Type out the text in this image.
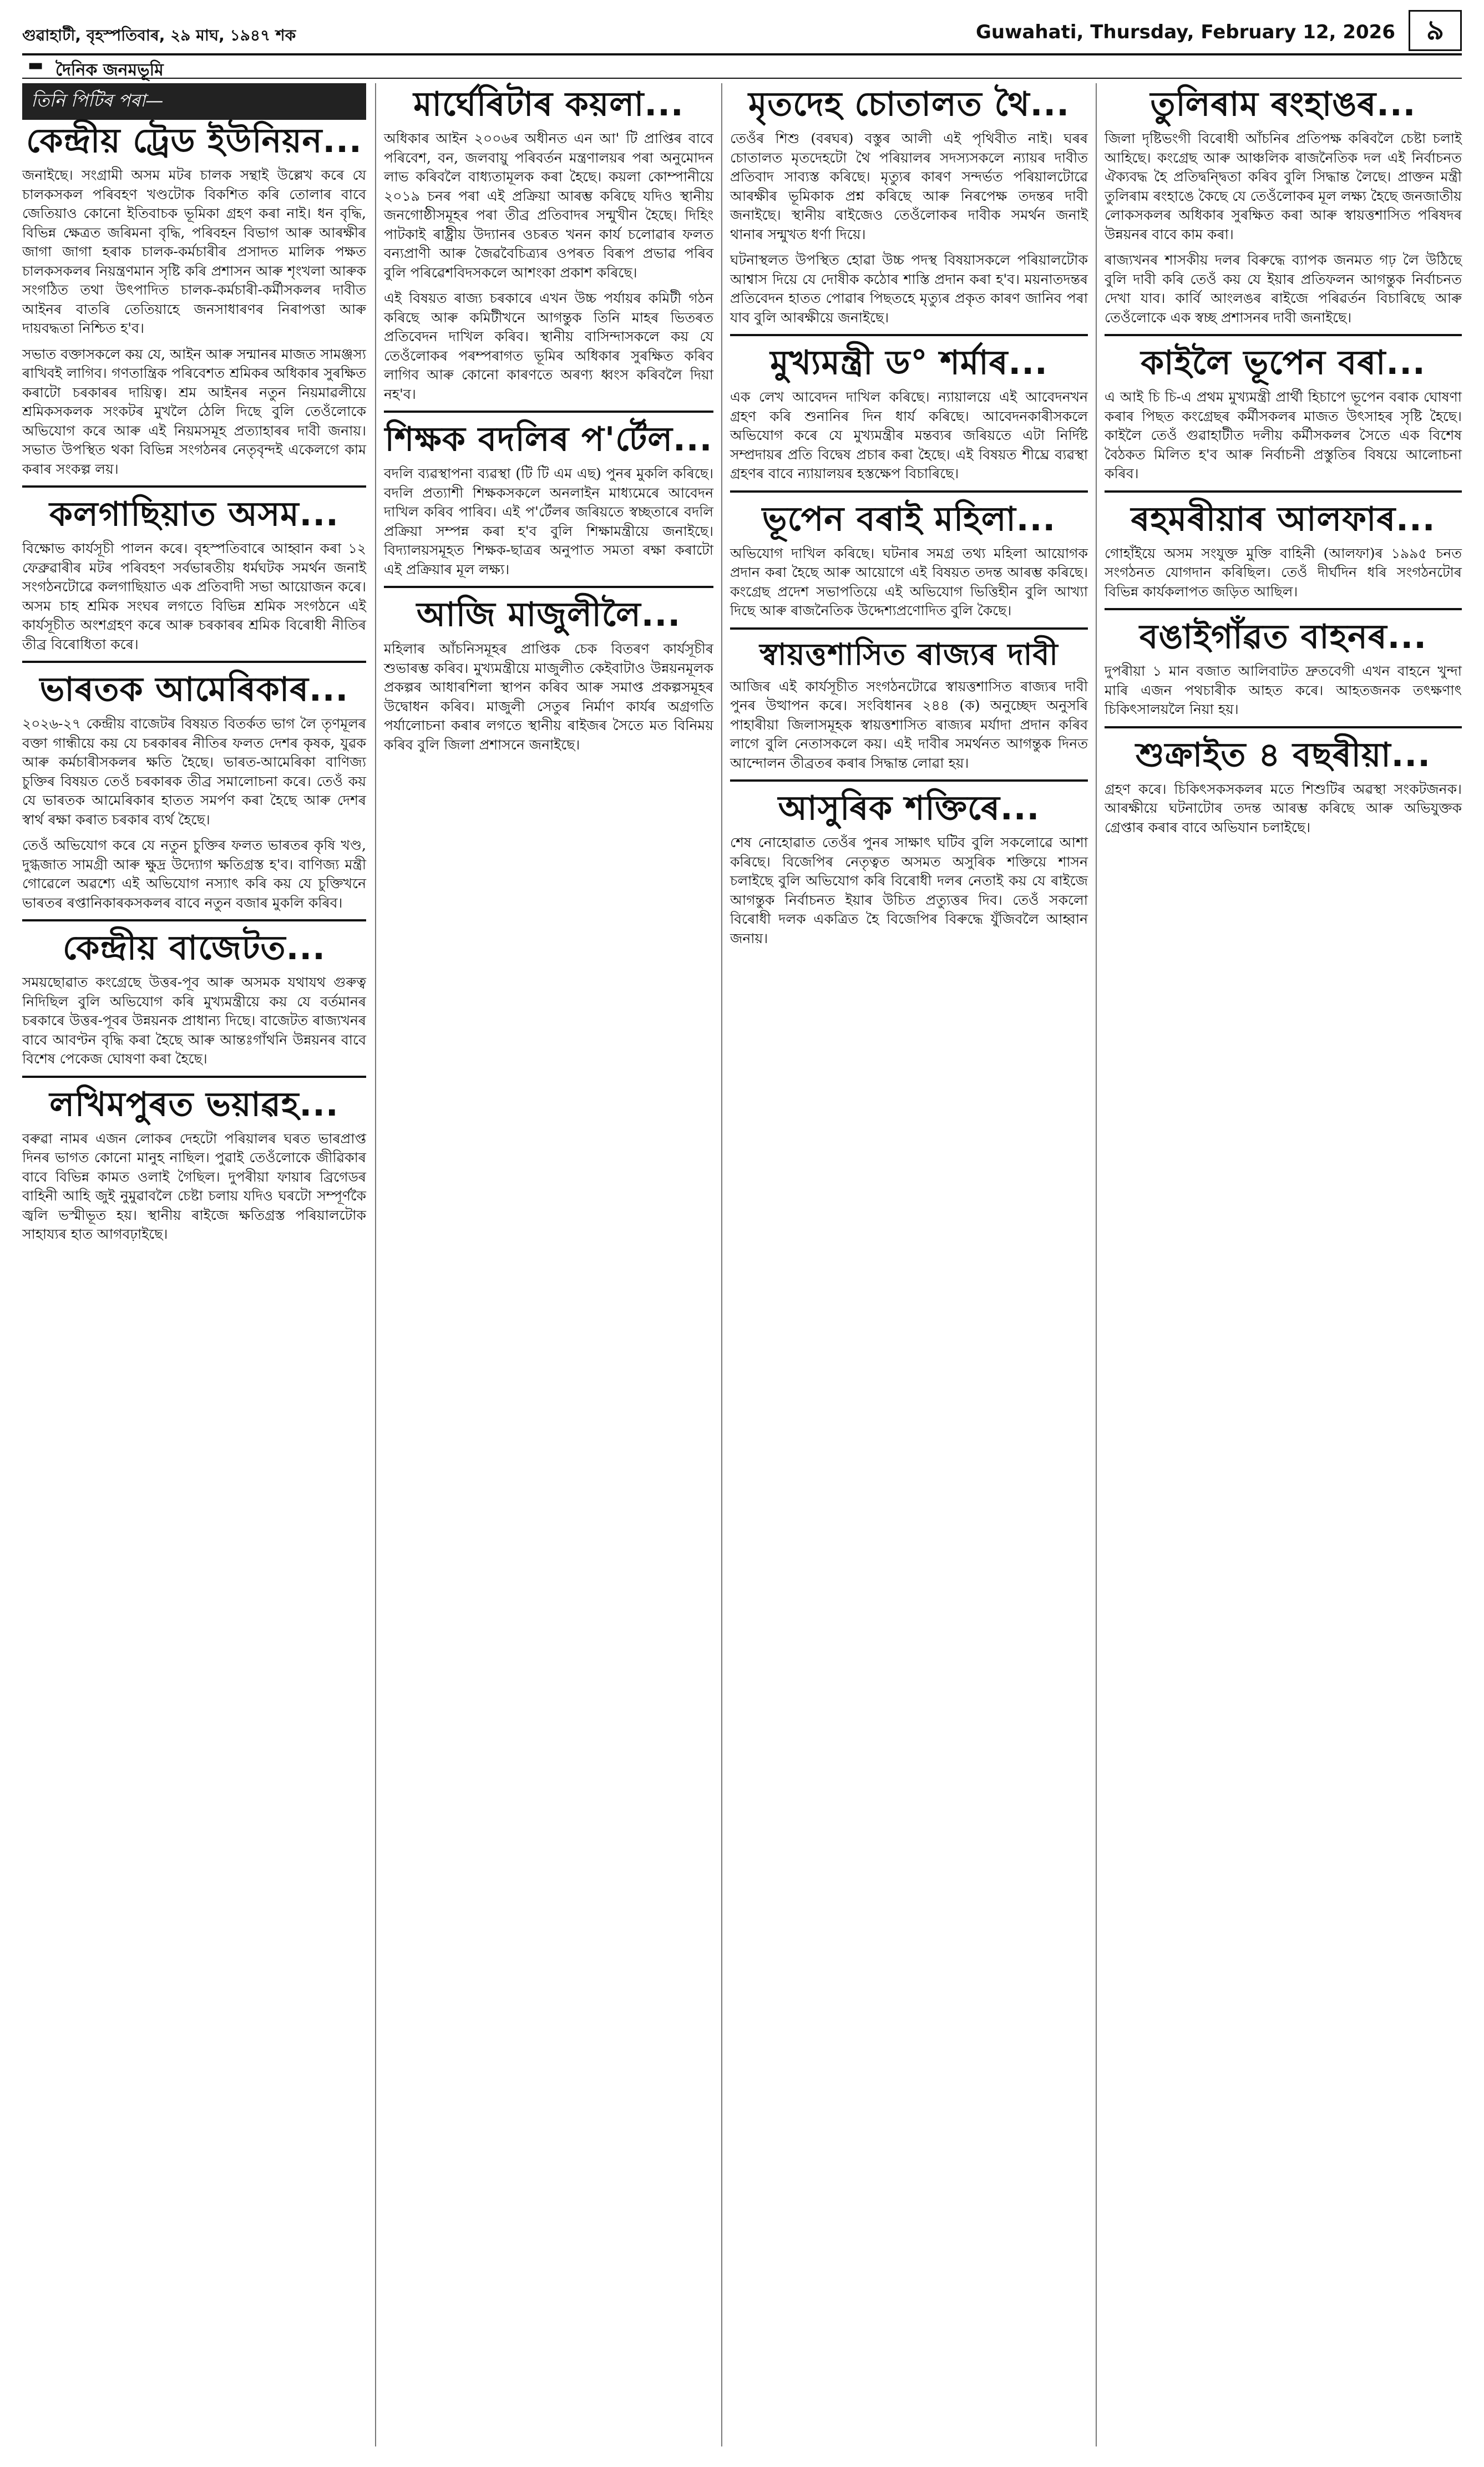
গুৱাহাটী, বৃহস্পতিবাৰ, ২৯ মাঘ, ১৯৪৭ শক	Guwahati, Thursday, February 12, 2026	৯
▬ দৈনিক জনমভূমি
তিনি পিটিৰ পৰা—
কেন্দ্ৰীয় ট্ৰেড ইউনিয়ন...

জনাইছে। সংগ্ৰামী অসম মটৰ চালক সন্থাই উল্লেখ কৰে যে চালকসকল পৰিবহণ খণ্ডটোক বিকশিত কৰি তোলাৰ বাবে জেতিয়াও কোনো ইতিবাচক ভূমিকা গ্ৰহণ কৰা নাই। ধন বৃদ্ধি, বিভিন্ন ক্ষেত্ৰত জৰিমনা বৃদ্ধি, পৰিবহন বিভাগ আৰু আৰক্ষীৰ জাগা জাগা হৰাক চালক-কৰ্মচাৰীৰ প্ৰসাদত মালিক পক্ষত চালকসকলৰ নিয়ন্ত্ৰণমান সৃষ্টি কৰি প্ৰশাসন আৰু শৃংখলা আৰুক সংগঠিত তথা উৎপাদিত চালক-কৰ্মচাৰী-কৰ্মীসকলৰ দাবীত আইনৰ বাতৰি তেতিয়াহে জনসাধাৰণৰ নিৰাপত্তা আৰু দায়বদ্ধতা নিশ্চিত হ'ব।

সভাত বক্তাসকলে কয় যে, আইন আৰু সন্মানৰ মাজত সামঞ্জস্য ৰাখিবই লাগিব। গণতান্ত্ৰিক পৰিবেশত শ্ৰমিকৰ অধিকাৰ সুৰক্ষিত কৰাটো চৰকাৰৰ দায়িত্ব। শ্ৰম আইনৰ নতুন নিয়মাৱলীয়ে শ্ৰমিকসকলক সংকটৰ মুখলৈ ঠেলি দিছে বুলি তেওঁলোকে অভিযোগ কৰে আৰু এই নিয়মসমূহ প্ৰত্যাহাৰৰ দাবী জনায়। সভাত উপস্থিত থকা বিভিন্ন সংগঠনৰ নেতৃবৃন্দই একেলগে কাম কৰাৰ সংকল্প লয়।

কলগাছিয়াত অসম...

বিক্ষোভ কাৰ্যসূচী পালন কৰে। বৃহস্পতিবাৰে আহ্বান কৰা ১২ ফেব্ৰুৱাৰীৰ মটৰ পৰিবহণ সৰ্বভাৰতীয় ধৰ্মঘটক সমৰ্থন জনাই সংগঠনটোৱে কলগাছিয়াত এক প্ৰতিবাদী সভা আয়োজন কৰে। অসম চাহ শ্ৰমিক সংঘৰ লগতে বিভিন্ন শ্ৰমিক সংগঠনে এই কাৰ্যসূচীত অংশগ্ৰহণ কৰে আৰু চৰকাৰৰ শ্ৰমিক বিৰোধী নীতিৰ তীব্ৰ বিৰোধিতা কৰে।

ভাৰতক আমেৰিকাৰ...

২০২৬-২৭ কেন্দ্ৰীয় বাজেটৰ বিষয়ত বিতৰ্কত ভাগ লৈ তৃণমূলৰ বক্তা গান্ধীয়ে কয় যে চৰকাৰৰ নীতিৰ ফলত দেশৰ কৃষক, যুৱক আৰু কৰ্মচাৰীসকলৰ ক্ষতি হৈছে। ভাৰত-আমেৰিকা বাণিজ্য চুক্তিৰ বিষয়ত তেওঁ চৰকাৰক তীব্ৰ সমালোচনা কৰে। তেওঁ কয় যে ভাৰতক আমেৰিকাৰ হাতত সমৰ্পণ কৰা হৈছে আৰু দেশৰ স্বাৰ্থ ৰক্ষা কৰাত চৰকাৰ ব্যৰ্থ হৈছে।

তেওঁ অভিযোগ কৰে যে নতুন চুক্তিৰ ফলত ভাৰতৰ কৃষি খণ্ড, দুগ্ধজাত সামগ্ৰী আৰু ক্ষুদ্ৰ উদ্যোগ ক্ষতিগ্ৰস্ত হ'ব। বাণিজ্য মন্ত্ৰী গোৱেলে অৱশ্যে এই অভিযোগ নস্যাৎ কৰি কয় যে চুক্তিখনে ভাৰতৰ ৰপ্তানিকাৰকসকলৰ বাবে নতুন বজাৰ মুকলি কৰিব।

কেন্দ্ৰীয় বাজেটত...

সময়ছোৱাত কংগ্ৰেছে উত্তৰ-পূব আৰু অসমক যথাযথ গুৰুত্ব নিদিছিল বুলি অভিযোগ কৰি মুখ্যমন্ত্ৰীয়ে কয় যে বৰ্তমানৰ চৰকাৰে উত্তৰ-পূবৰ উন্নয়নক প্ৰাধান্য দিছে। বাজেটত ৰাজ্যখনৰ বাবে আবণ্টন বৃদ্ধি কৰা হৈছে আৰু আন্তঃগাঁথনি উন্নয়নৰ বাবে বিশেষ পেকেজ ঘোষণা কৰা হৈছে।

লখিমপুৰত ভয়াৱহ...

বৰুৱা নামৰ এজন লোকৰ দেহটো পৰিয়ালৰ ঘৰত ভাৰপ্ৰাপ্ত দিনৰ ভাগত কোনো মানুহ নাছিল। পুৱাই তেওঁলোকে জীৱিকাৰ বাবে বিভিন্ন কামত ওলাই গৈছিল। দুপৰীয়া ফায়াৰ ব্ৰিগেডৰ বাহিনী আহি জুই নুমুৱাবলৈ চেষ্টা চলায় যদিও ঘৰটো সম্পূৰ্ণকৈ জ্বলি ভস্মীভূত হয়। স্থানীয় ৰাইজে ক্ষতিগ্ৰস্ত পৰিয়ালটোক সাহায্যৰ হাত আগবঢ়াইছে।

মাৰ্ঘেৰিটাৰ কয়লা...

অধিকাৰ আইন ২০০৬ৰ অধীনত এন আ' টি প্ৰাপ্তিৰ বাবে পৰিবেশ, বন, জলবায়ু পৰিবৰ্তন মন্ত্ৰণালয়ৰ পৰা অনুমোদন লাভ কৰিবলৈ বাধ্যতামূলক কৰা হৈছে। কয়লা কোম্পানীয়ে ২০১৯ চনৰ পৰা এই প্ৰক্ৰিয়া আৰম্ভ কৰিছে যদিও স্থানীয় জনগোষ্ঠীসমূহৰ পৰা তীব্ৰ প্ৰতিবাদৰ সন্মুখীন হৈছে। দিহিং পাটকাই ৰাষ্ট্ৰীয় উদ্যানৰ ওচৰত খনন কাৰ্য চলোৱাৰ ফলত বন্যপ্ৰাণী আৰু জৈৱবৈচিত্ৰ্যৰ ওপৰত বিৰূপ প্ৰভাৱ পৰিব বুলি পৰিৱেশবিদসকলে আশংকা প্ৰকাশ কৰিছে।

এই বিষয়ত ৰাজ্য চৰকাৰে এখন উচ্চ পৰ্যায়ৰ কমিটী গঠন কৰিছে আৰু কমিটীখনে আগন্তুক তিনি মাহৰ ভিতৰত প্ৰতিবেদন দাখিল কৰিব। স্থানীয় বাসিন্দাসকলে কয় যে তেওঁলোকৰ পৰম্পৰাগত ভূমিৰ অধিকাৰ সুৰক্ষিত কৰিব লাগিব আৰু কোনো কাৰণতে অৰণ্য ধ্বংস কৰিবলৈ দিয়া নহ'ব।

শিক্ষক বদলিৰ প'ৰ্টেল...

বদলি ব্যৱস্থাপনা ব্যৱস্থা (টি টি এম এছ) পুনৰ মুকলি কৰিছে। বদলি প্ৰত্যাশী শিক্ষকসকলে অনলাইন মাধ্যমেৰে আবেদন দাখিল কৰিব পাৰিব। এই প'ৰ্টেলৰ জৰিয়তে স্বচ্ছতাৰে বদলি প্ৰক্ৰিয়া সম্পন্ন কৰা হ'ব বুলি শিক্ষামন্ত্ৰীয়ে জনাইছে। বিদ্যালয়সমূহত শিক্ষক-ছাত্ৰৰ অনুপাত সমতা ৰক্ষা কৰাটো এই প্ৰক্ৰিয়াৰ মূল লক্ষ্য।

আজি মাজুলীলৈ...

মহিলাৰ আঁচনিসমূহৰ প্ৰাপ্তিক চেক বিতৰণ কাৰ্যসূচীৰ শুভাৰম্ভ কৰিব। মুখ্যমন্ত্ৰীয়ে মাজুলীত কেইবাটাও উন্নয়নমূলক প্ৰকল্পৰ আধাৰশিলা স্থাপন কৰিব আৰু সমাপ্ত প্ৰকল্পসমূহৰ উদ্বোধন কৰিব। মাজুলী সেতুৰ নিৰ্মাণ কাৰ্যৰ অগ্ৰগতি পৰ্যালোচনা কৰাৰ লগতে স্থানীয় ৰাইজৰ সৈতে মত বিনিময় কৰিব বুলি জিলা প্ৰশাসনে জনাইছে।

মৃতদেহ চোতালত থৈ...

তেওঁৰ শিশু (বৰঘৰ) বস্তুৰ আলী এই পৃথিবীত নাই। ঘৰৰ চোতালত মৃতদেহটো থৈ পৰিয়ালৰ সদস্যসকলে ন্যায়ৰ দাবীত প্ৰতিবাদ সাব্যস্ত কৰিছে। মৃত্যুৰ কাৰণ সন্দৰ্ভত পৰিয়ালটোৱে আৰক্ষীৰ ভূমিকাক প্ৰশ্ন কৰিছে আৰু নিৰপেক্ষ তদন্তৰ দাবী জনাইছে। স্থানীয় ৰাইজেও তেওঁলোকৰ দাবীক সমৰ্থন জনাই থানাৰ সন্মুখত ধৰ্ণা দিয়ে।

ঘটনাস্থলত উপস্থিত হোৱা উচ্চ পদস্থ বিষয়াসকলে পৰিয়ালটোক আশ্বাস দিয়ে যে দোষীক কঠোৰ শাস্তি প্ৰদান কৰা হ'ব। ময়নাতদন্তৰ প্ৰতিবেদন হাতত পোৱাৰ পিছতহে মৃত্যুৰ প্ৰকৃত কাৰণ জানিব পৰা যাব বুলি আৰক্ষীয়ে জনাইছে।

মুখ্যমন্ত্ৰী ড° শৰ্মাৰ...

এক লেখ আবেদন দাখিল কৰিছে। ন্যায়ালয়ে এই আবেদনখন গ্ৰহণ কৰি শুনানিৰ দিন ধাৰ্য কৰিছে। আবেদনকাৰীসকলে অভিযোগ কৰে যে মুখ্যমন্ত্ৰীৰ মন্তব্যৰ জৰিয়তে এটা নিৰ্দিষ্ট সম্প্ৰদায়ৰ প্ৰতি বিদ্বেষ প্ৰচাৰ কৰা হৈছে। এই বিষয়ত শীঘ্ৰে ব্যৱস্থা গ্ৰহণৰ বাবে ন্যায়ালয়ৰ হস্তক্ষেপ বিচাৰিছে।

ভূপেন বৰাই মহিলা...

অভিযোগ দাখিল কৰিছে। ঘটনাৰ সমগ্ৰ তথ্য মহিলা আয়োগক প্ৰদান কৰা হৈছে আৰু আয়োগে এই বিষয়ত তদন্ত আৰম্ভ কৰিছে। কংগ্ৰেছ প্ৰদেশ সভাপতিয়ে এই অভিযোগ ভিত্তিহীন বুলি আখ্যা দিছে আৰু ৰাজনৈতিক উদ্দেশ্যপ্ৰণোদিত বুলি কৈছে।

স্বায়ত্তশাসিত ৰাজ্যৰ দাবী

আজিৰ এই কাৰ্যসূচীত সংগঠনটোৱে স্বায়ত্তশাসিত ৰাজ্যৰ দাবী পুনৰ উত্থাপন কৰে। সংবিধানৰ ২৪৪ (ক) অনুচ্ছেদ অনুসৰি পাহাৰীয়া জিলাসমূহক স্বায়ত্তশাসিত ৰাজ্যৰ মৰ্যাদা প্ৰদান কৰিব লাগে বুলি নেতাসকলে কয়। এই দাবীৰ সমৰ্থনত আগন্তুক দিনত আন্দোলন তীব্ৰতৰ কৰাৰ সিদ্ধান্ত লোৱা হয়।

আসুৰিক শক্তিৰে...

শেষ নোহোৱাত তেওঁৰ পুনৰ সাক্ষাৎ ঘটিব বুলি সকলোৱে আশা কৰিছে। বিজেপিৰ নেতৃত্বত অসমত অসুৰিক শক্তিয়ে শাসন চলাইছে বুলি অভিযোগ কৰি বিৰোধী দলৰ নেতাই কয় যে ৰাইজে আগন্তুক নিৰ্বাচনত ইয়াৰ উচিত প্ৰত্যুত্তৰ দিব। তেওঁ সকলো বিৰোধী দলক একত্ৰিত হৈ বিজেপিৰ বিৰুদ্ধে যুঁজিবলৈ আহ্বান জনায়।

তুলিৰাম ৰংহাঙৰ...

জিলা দৃষ্টিভংগী বিৰোধী আঁচনিৰ প্ৰতিপক্ষ কৰিবলৈ চেষ্টা চলাই আহিছে। কংগ্ৰেছ আৰু আঞ্চলিক ৰাজনৈতিক দল এই নিৰ্বাচনত ঐক্যবদ্ধ হৈ প্ৰতিদ্বন্দ্বিতা কৰিব বুলি সিদ্ধান্ত লৈছে। প্ৰাক্তন মন্ত্ৰী তুলিৰাম ৰংহাঙে কৈছে যে তেওঁলোকৰ মূল লক্ষ্য হৈছে জনজাতীয় লোকসকলৰ অধিকাৰ সুৰক্ষিত কৰা আৰু স্বায়ত্তশাসিত পৰিষদৰ উন্নয়নৰ বাবে কাম কৰা।

ৰাজ্যখনৰ শাসকীয় দলৰ বিৰুদ্ধে ব্যাপক জনমত গঢ় লৈ উঠিছে বুলি দাবী কৰি তেওঁ কয় যে ইয়াৰ প্ৰতিফলন আগন্তুক নিৰ্বাচনত দেখা যাব। কাৰ্বি আংলঙৰ ৰাইজে পৰিৱৰ্তন বিচাৰিছে আৰু তেওঁলোকে এক স্বচ্ছ প্ৰশাসনৰ দাবী জনাইছে।

কাইলৈ ভূপেন বৰা...

এ আই চি চি-এ প্ৰথম মুখ্যমন্ত্ৰী প্ৰাৰ্থী হিচাপে ভূপেন বৰাক ঘোষণা কৰাৰ পিছত কংগ্ৰেছৰ কৰ্মীসকলৰ মাজত উৎসাহৰ সৃষ্টি হৈছে। কাইলৈ তেওঁ গুৱাহাটীত দলীয় কৰ্মীসকলৰ সৈতে এক বিশেষ বৈঠকত মিলিত হ'ব আৰু নিৰ্বাচনী প্ৰস্তুতিৰ বিষয়ে আলোচনা কৰিব।

ৰহমৰীয়াৰ আলফাৰ...

গোহাঁইয়ে অসম সংযুক্ত মুক্তি বাহিনী (আলফা)ৰ ১৯৯৫ চনত সংগঠনত যোগদান কৰিছিল। তেওঁ দীৰ্ঘদিন ধৰি সংগঠনটোৰ বিভিন্ন কাৰ্যকলাপত জড়িত আছিল।

বঙাইগাঁৱত বাহনৰ...

দুপৰীয়া ১ মান বজাত আলিবাটত দ্ৰুতবেগী এখন বাহনে খুন্দা মাৰি এজন পথচাৰীক আহত কৰে। আহতজনক তৎক্ষণাৎ চিকিৎসালয়লৈ নিয়া হয়।

শুক্ৰাইত ৪ বছৰীয়া...

গ্ৰহণ কৰে। চিকিৎসকসকলৰ মতে শিশুটিৰ অৱস্থা সংকটজনক। আৰক্ষীয়ে ঘটনাটোৰ তদন্ত আৰম্ভ কৰিছে আৰু অভিযুক্তক গ্ৰেপ্তাৰ কৰাৰ বাবে অভিযান চলাইছে।
